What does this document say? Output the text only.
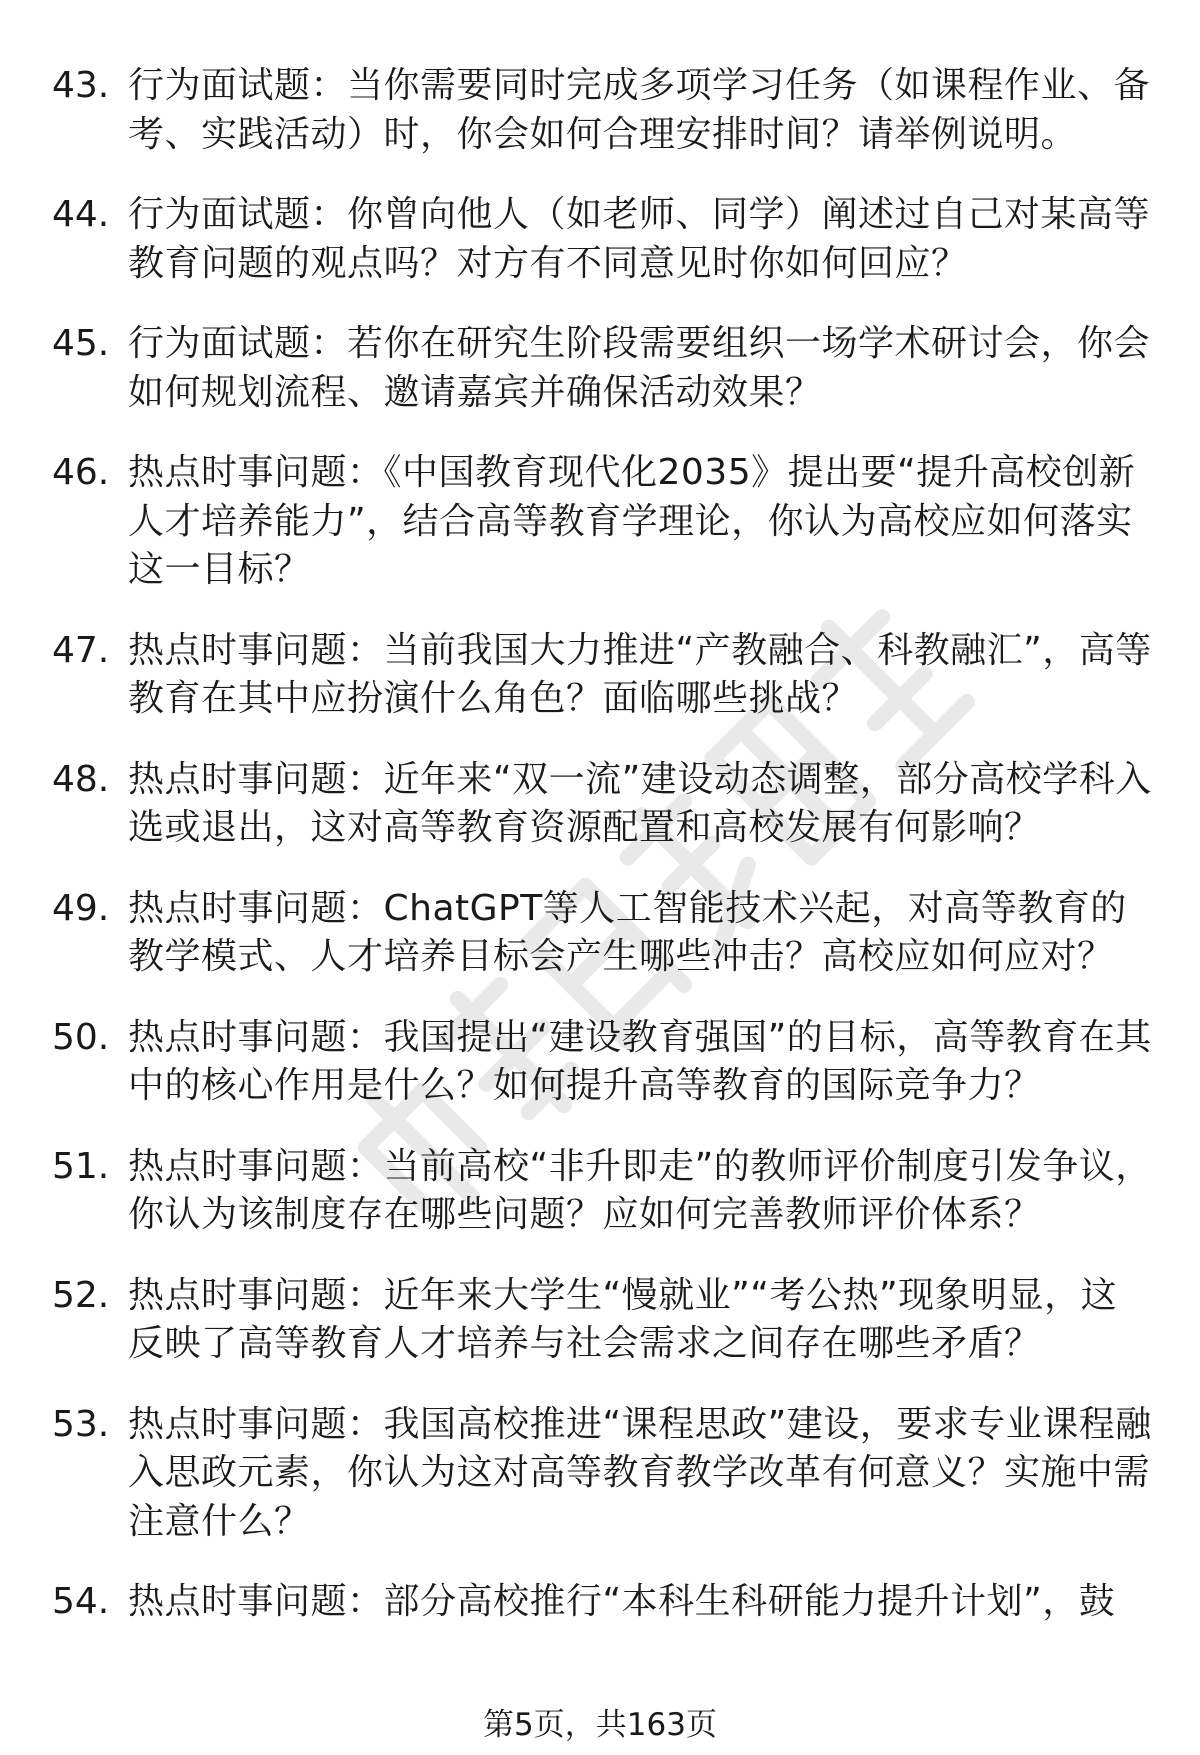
43. 行为面试题：当你需要同时完成多项学习任务（如课程作业、备考、实践活动）时，你会如何合理安排时间？请举例说明。
44. 行为面试题：你曾向他人（如老师、同学）阐述过自己对某高等教育问题的观点吗？对方有不同意见时你如何回应？
45. 行为面试题：若你在研究生阶段需要组织一场学术研讨会，你会如何规划流程、邀请嘉宾并确保活动效果？
46. 热点时事问题：《中国教育现代化2035》提出要“提升高校创新人才培养能力”，结合高等教育学理论，你认为高校应如何落实这一目标？
47. 热点时事问题：当前我国大力推进“产教融合、科教融汇”，高等教育在其中应扮演什么角色？面临哪些挑战？
48. 热点时事问题：近年来“双一流”建设动态调整，部分高校学科入选或退出，这对高等教育资源配置和高校发展有何影响？
49. 热点时事问题：ChatGPT等人工智能技术兴起，对高等教育的教学模式、人才培养目标会产生哪些冲击？高校应如何应对？
50. 热点时事问题：我国提出“建设教育强国”的目标，高等教育在其中的核心作用是什么？如何提升高等教育的国际竞争力？
51. 热点时事问题：当前高校“非升即走”的教师评价制度引发争议，你认为该制度存在哪些问题？应如何完善教师评价体系？
52. 热点时事问题：近年来大学生“慢就业”“考公热”现象明显，这反映了高等教育人才培养与社会需求之间存在哪些矛盾？
53. 热点时事问题：我国高校推进“课程思政”建设，要求专业课程融入思政元素，你认为这对高等教育教学改革有何意义？实施中需注意什么？
54. 热点时事问题：部分高校推行“本科生科研能力提升计划”，鼓
第5页，共163页
